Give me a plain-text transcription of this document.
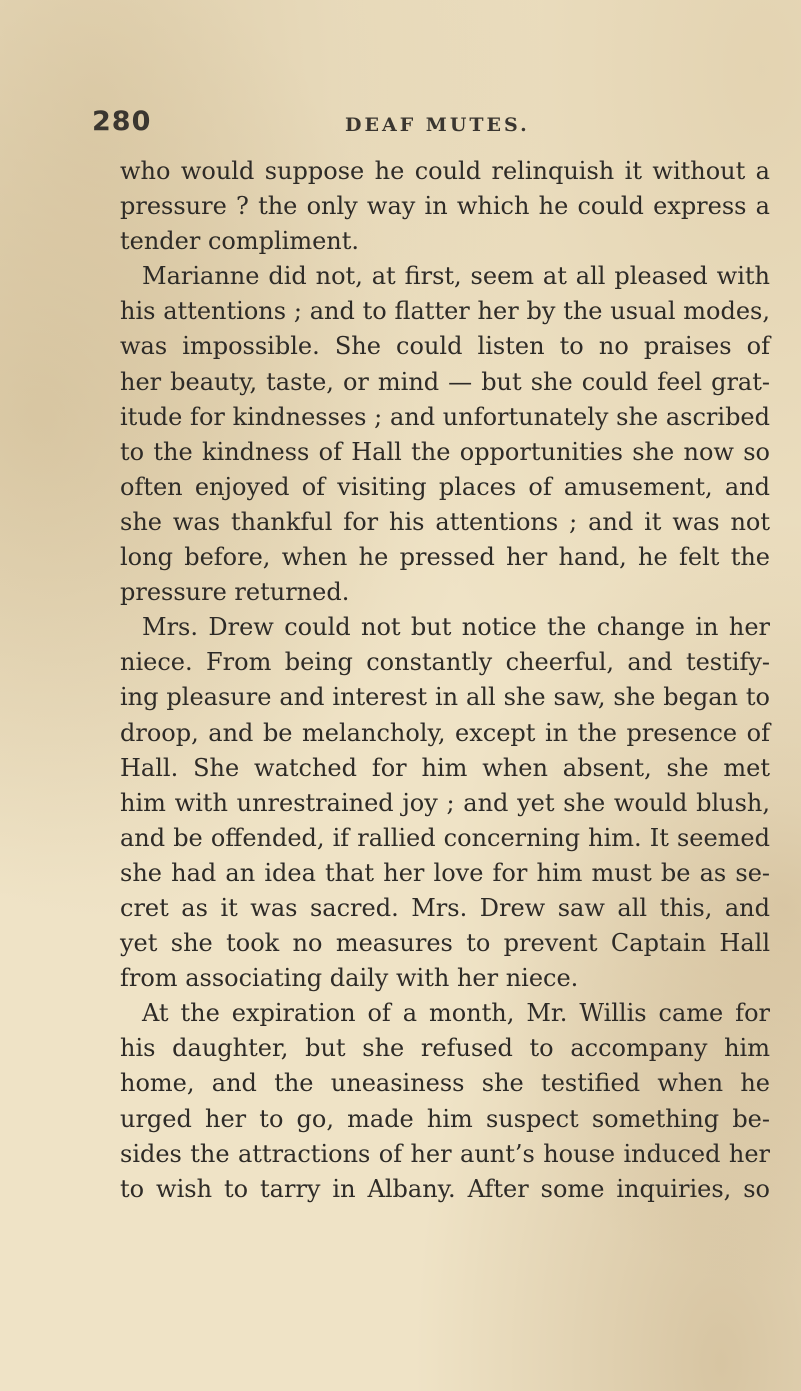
280	DEAF MUTES.
who would suppose he could relinquish it without a
pressure ? the only way in which he could express a
tender compliment.
Marianne did not, at first, seem at all pleased with
his attentions ; and to flatter her by the usual modes,
was impossible. She could listen to no praises of
her beauty, taste, or mind — but she could feel grat-
itude for kindnesses ; and unfortunately she ascribed
to the kindness of Hall the opportunities she now so
often enjoyed of visiting places of amusement, and
she was thankful for his attentions ; and it was not
long before, when he pressed her hand, he felt the
pressure returned.
Mrs. Drew could not but notice the change in her
niece. From being constantly cheerful, and testify-
ing pleasure and interest in all she saw, she began to
droop, and be melancholy, except in the presence of
Hall. She watched for him when absent, she met
him with unrestrained joy ; and yet she would blush,
and be offended, if rallied concerning him. It seemed
she had an idea that her love for him must be as se-
cret as it was sacred. Mrs. Drew saw all this, and
yet she took no measures to prevent Captain Hall
from associating daily with her niece.
At the expiration of a month, Mr. Willis came for
his daughter, but she refused to accompany him
home, and the uneasiness she testified when he
urged her to go, made him suspect something be-
sides the attractions of her aunt’s house induced her
to wish to tarry in Albany. After some inquiries, so
